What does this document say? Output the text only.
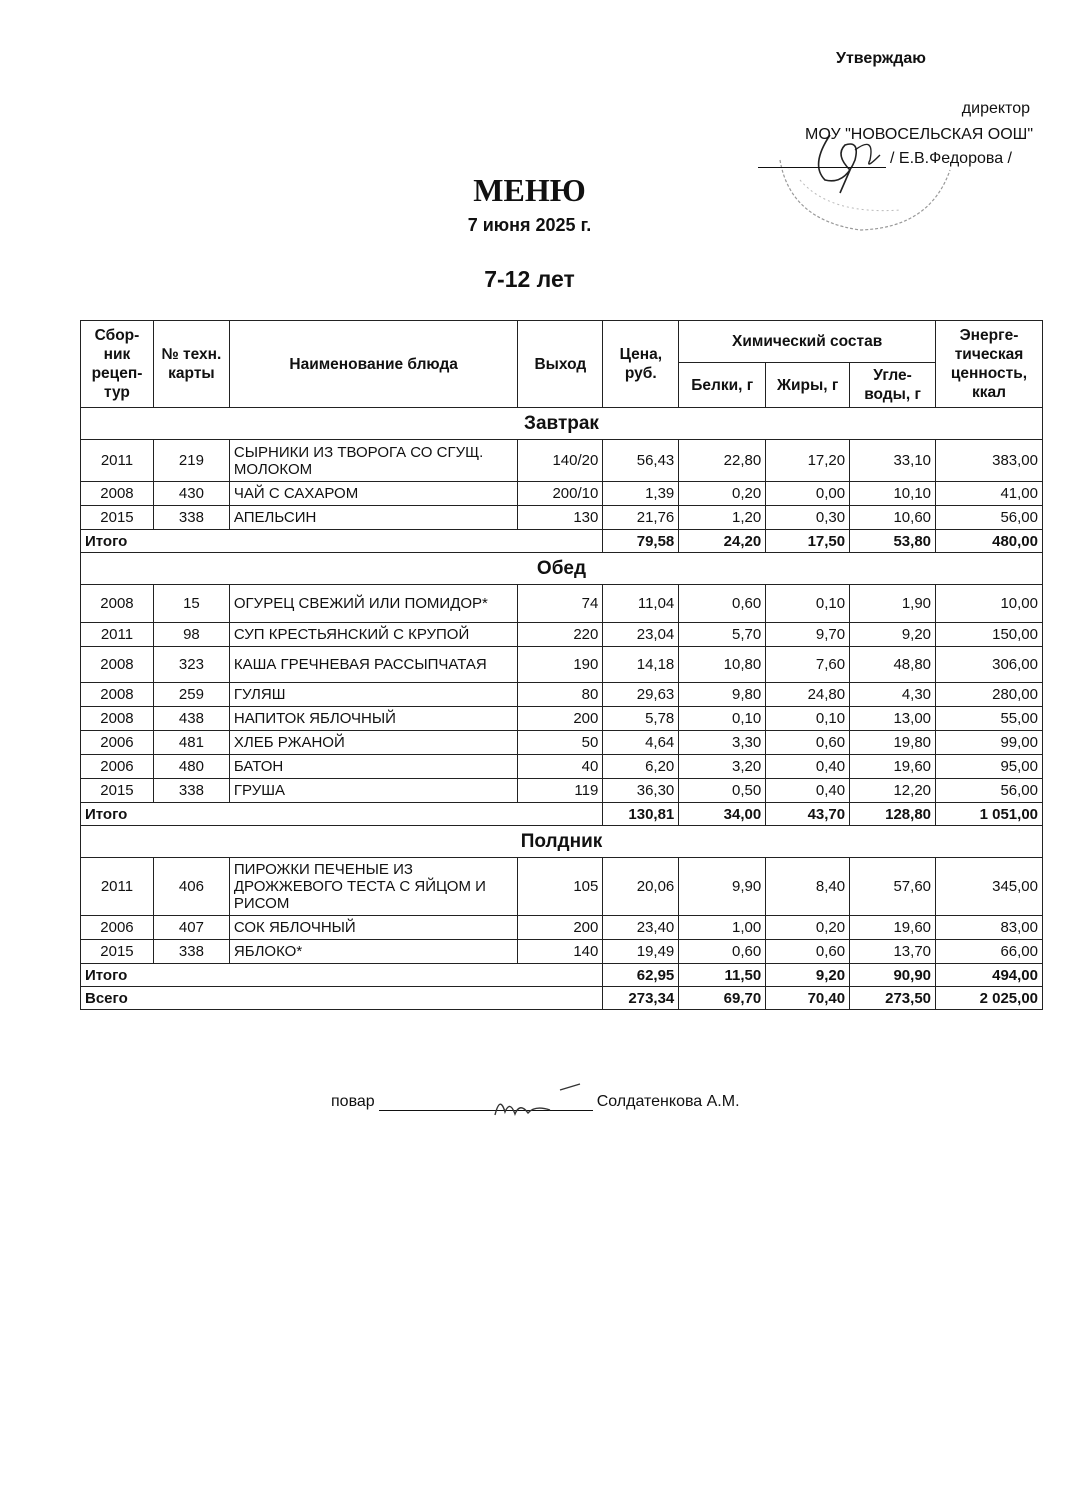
Утверждаю
директор
МОУ "НОВОСЕЛЬСКАЯ ООШ"
/ Е.В.Федорова /
МЕНЮ
7 июня 2025 г.
7-12 лет
Сбор-ник рецеп-тур	№ техн. карты	Наименование блюда	Выход	Цена, руб.	Химический состав			Энерге-тическая ценность, ккал
					Белки, г	Жиры, г	Угле-воды, г	
Завтрак								
2011	219	СЫРНИКИ ИЗ ТВОРОГА СО СГУЩ. МОЛОКОМ	140/20	56,43	22,80	17,20	33,10	383,00
2008	430	ЧАЙ С САХАРОМ	200/10	1,39	0,20	0,00	10,10	41,00
2015	338	АПЕЛЬСИН	130	21,76	1,20	0,30	10,60	56,00
Итого				79,58	24,20	17,50	53,80	480,00
Обед								
2008	15	ОГУРЕЦ СВЕЖИЙ ИЛИ ПОМИДОР*	74	11,04	0,60	0,10	1,90	10,00
2011	98	СУП КРЕСТЬЯНСКИЙ С КРУПОЙ	220	23,04	5,70	9,70	9,20	150,00
2008	323	КАША ГРЕЧНЕВАЯ РАССЫПЧАТАЯ	190	14,18	10,80	7,60	48,80	306,00
2008	259	ГУЛЯШ	80	29,63	9,80	24,80	4,30	280,00
2008	438	НАПИТОК ЯБЛОЧНЫЙ	200	5,78	0,10	0,10	13,00	55,00
2006	481	ХЛЕБ РЖАНОЙ	50	4,64	3,30	0,60	19,80	99,00
2006	480	БАТОН	40	6,20	3,20	0,40	19,60	95,00
2015	338	ГРУША	119	36,30	0,50	0,40	12,20	56,00
Итого				130,81	34,00	43,70	128,80	1 051,00
Полдник								
2011	406	ПИРОЖКИ ПЕЧЕНЫЕ ИЗ ДРОЖЖЕВОГО ТЕСТА С ЯЙЦОМ И РИСОМ	105	20,06	9,90	8,40	57,60	345,00
2006	407	СОК ЯБЛОЧНЫЙ	200	23,40	1,00	0,20	19,60	83,00
2015	338	ЯБЛОКО*	140	19,49	0,60	0,60	13,70	66,00
Итого				62,95	11,50	9,20	90,90	494,00
Всего				273,34	69,70	70,40	273,50	2 025,00
повар	Солдатенкова А.М.
